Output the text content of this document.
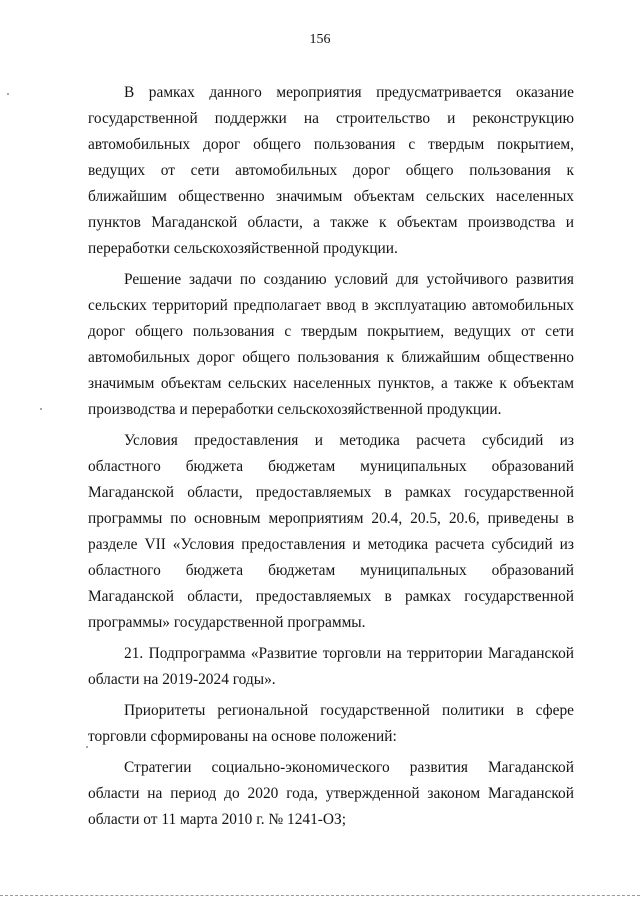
156

В рамках данного мероприятия предусматривается оказание государственной поддержки на строительство и реконструкцию автомобильных дорог общего пользования с твердым покрытием, ведущих от сети автомобильных дорог общего пользования к ближайшим общественно значимым объектам сельских населенных пунктов Магаданской области, а также к объектам производства и переработки сельскохозяйственной продукции.

Решение задачи по созданию условий для устойчивого развития сельских территорий предполагает ввод в эксплуатацию автомобильных дорог общего пользования с твердым покрытием, ведущих от сети автомобильных дорог общего пользования к ближайшим общественно значимым объектам сельских населенных пунктов, а также к объектам производства и переработки сельскохозяйственной продукции.

Условия предоставления и методика расчета субсидий из областного бюджета бюджетам муниципальных образований Магаданской области, предоставляемых в рамках государственной программы по основным мероприятиям 20.4, 20.5, 20.6, приведены в разделе VII «Условия предоставления и методика расчета субсидий из областного бюджета бюджетам муниципальных образований Магаданской области, предоставляемых в рамках государственной программы» государственной программы.

21. Подпрограмма «Развитие торговли на территории Магаданской области на 2019-2024 годы».

Приоритеты региональной государственной политики в сфере торговли сформированы на основе положений:

Стратегии социально-экономического развития Магаданской области на период до 2020 года, утвержденной законом Магаданской области от 11 марта 2010 г. № 1241-ОЗ;
